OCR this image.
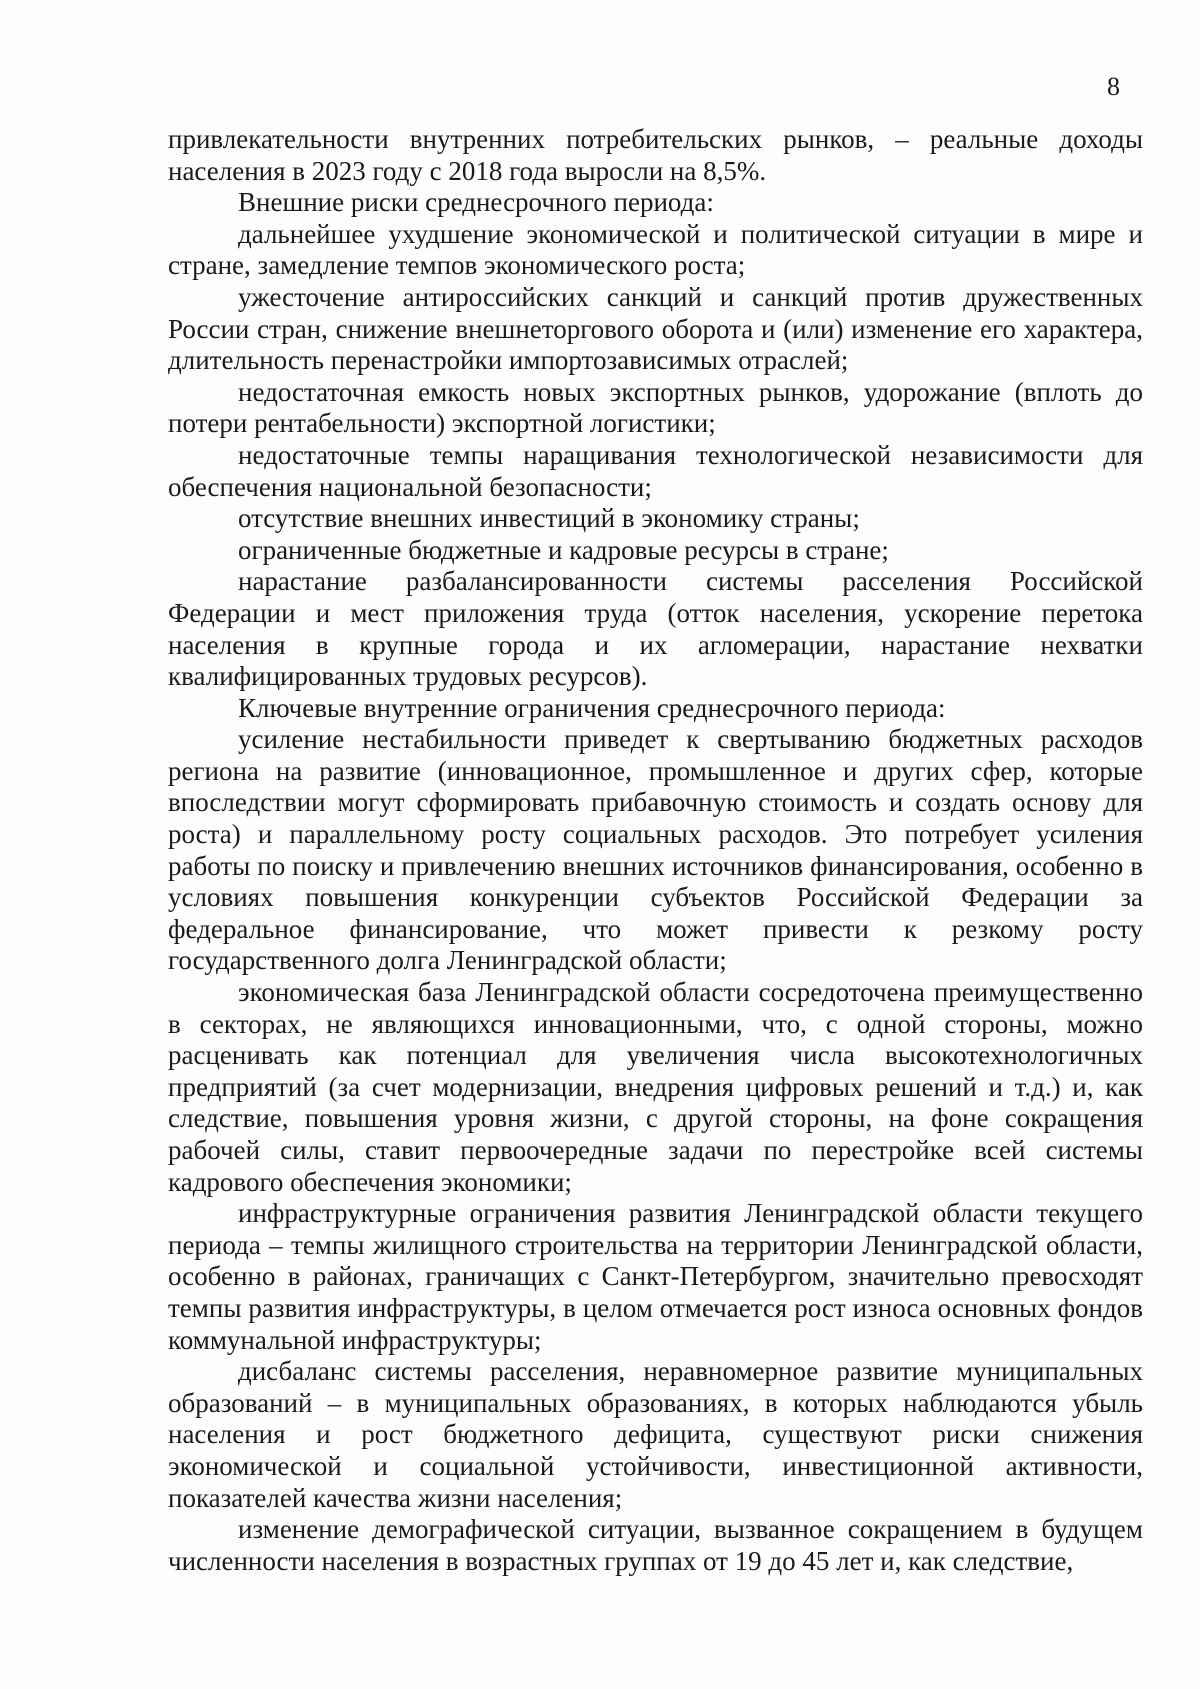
8

привлекательности внутренних потребительских рынков, – реальные доходы населения в 2023 году с 2018 года выросли на 8,5%.

Внешние риски среднесрочного периода:

дальнейшее ухудшение экономической и политической ситуации в мире и стране, замедление темпов экономического роста;

ужесточение антироссийских санкций и санкций против дружественных России стран, снижение внешнеторгового оборота и (или) изменение его характера, длительность перенастройки импортозависимых отраслей;

недостаточная емкость новых экспортных рынков, удорожание (вплоть до потери рентабельности) экспортной логистики;

недостаточные темпы наращивания технологической независимости для обеспечения национальной безопасности;

отсутствие внешних инвестиций в экономику страны;

ограниченные бюджетные и кадровые ресурсы в стране;

нарастание разбалансированности системы расселения Российской Федерации и мест приложения труда (отток населения, ускорение перетока населения в крупные города и их агломерации, нарастание нехватки квалифицированных трудовых ресурсов).

Ключевые внутренние ограничения среднесрочного периода:

усиление нестабильности приведет к свертыванию бюджетных расходов региона на развитие (инновационное, промышленное и других сфер, которые впоследствии могут сформировать прибавочную стоимость и создать основу для роста) и параллельному росту социальных расходов. Это потребует усиления работы по поиску и привлечению внешних источников финансирования, особенно в условиях повышения конкуренции субъектов Российской Федерации за федеральное финансирование, что может привести к резкому росту государственного долга Ленинградской области;

экономическая база Ленинградской области сосредоточена преимущественно в секторах, не являющихся инновационными, что, с одной стороны, можно расценивать как потенциал для увеличения числа высокотехнологичных предприятий (за счет модернизации, внедрения цифровых решений и т.д.) и, как следствие, повышения уровня жизни, с другой стороны, на фоне сокращения рабочей силы, ставит первоочередные задачи по перестройке всей системы кадрового обеспечения экономики;

инфраструктурные ограничения развития Ленинградской области текущего периода – темпы жилищного строительства на территории Ленинградской области, особенно в районах, граничащих с Санкт-Петербургом, значительно превосходят темпы развития инфраструктуры, в целом отмечается рост износа основных фондов коммунальной инфраструктуры;

дисбаланс системы расселения, неравномерное развитие муниципальных образований – в муниципальных образованиях, в которых наблюдаются убыль населения и рост бюджетного дефицита, существуют риски снижения экономической и социальной устойчивости, инвестиционной активности, показателей качества жизни населения;

изменение демографической ситуации, вызванное сокращением в будущем численности населения в возрастных группах от 19 до 45 лет и, как следствие,
